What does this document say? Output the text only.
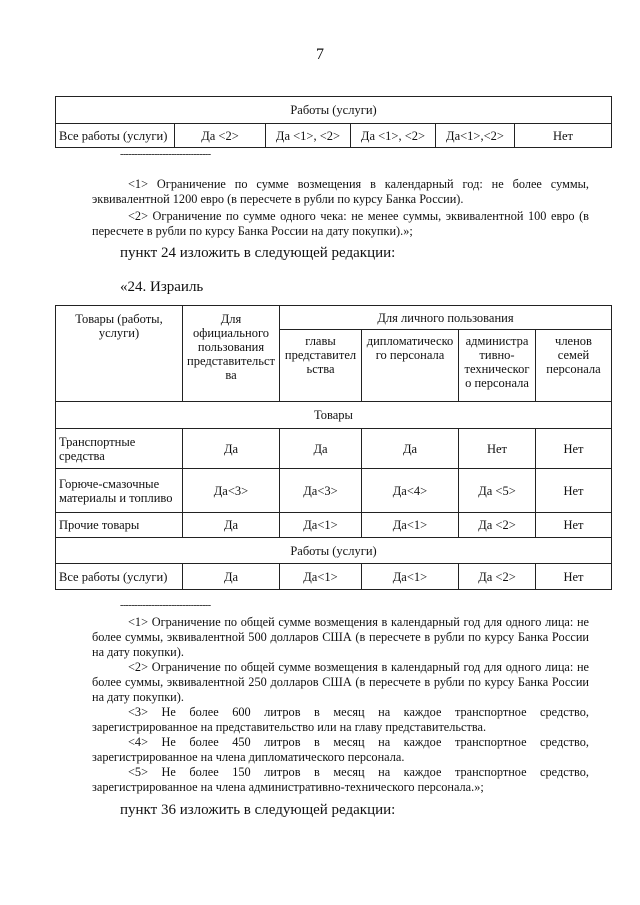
7
Работы (услуги)
Все работы (услуги)	Да <2>	Да <1>, <2>	Да <1>, <2>	Да<1>,<2>	Нет
--------------------------------

<1> Ограничение по сумме возмещения в календарный год: не более суммы, эквивалентной 1200 евро (в пересчете в рубли по курсу Банка России).

<2> Ограничение по сумме одного чека: не менее суммы, эквивалентной 100 евро (в пересчете в рубли по курсу Банка России на дату покупки).»;

пункт 24 изложить в следующей редакции:
«24. Израиль
Товары (работы, услуги)	Для официального пользования представительст ва	Для личного пользования			
		главы представител ьства	дипломатическо го персонала	администра тивно-техническог о персонала	членов семей персонала
Товары					
Транспортные средства	Да	Да	Да	Нет	Нет
Горюче-смазочные материалы и топливо	Да<3>	Да<3>	Да<4>	Да <5>	Нет
Прочие товары	Да	Да<1>	Да<1>	Да <2>	Нет
Работы (услуги)					
Все работы (услуги)	Да	Да<1>	Да<1>	Да <2>	Нет
--------------------------------

<1> Ограничение по общей сумме возмещения в календарный год для одного лица: не более суммы, эквивалентной 500 долларов США (в пересчете в рубли по курсу Банка России на дату покупки).

<2> Ограничение по общей сумме возмещения в календарный год для одного лица: не более суммы, эквивалентной 250 долларов США (в пересчете в рубли по курсу Банка России на дату покупки).

<3> Не более 600 литров в месяц на каждое транспортное средство, зарегистрированное на представительство или на главу представительства.

<4> Не более 450 литров в месяц на каждое транспортное средство, зарегистрированное на члена дипломатического персонала.

<5> Не более 150 литров в месяц на каждое транспортное средство, зарегистрированное на члена административно-технического персонала.»;

пункт 36 изложить в следующей редакции:
